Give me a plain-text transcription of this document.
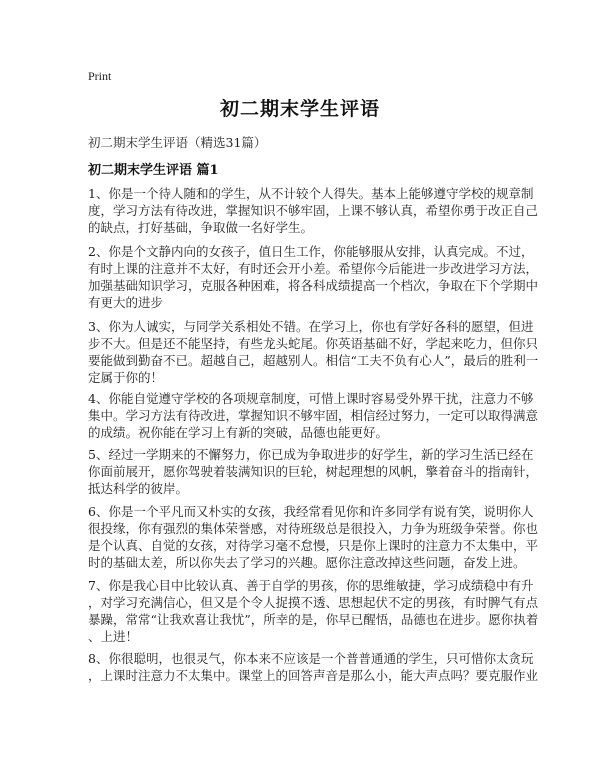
Print
初二期末学生评语
初二期末学生评语（精选31篇）
初二期末学生评语 篇1

1、你是一个待人随和的学生，从不计较个人得失。基本上能够遵守学校的规章制
度，学习方法有待改进，掌握知识不够牢固，上课不够认真，希望你勇于改正自己
的缺点，打好基础，争取做一名好学生。

2、你是个文静内向的女孩子，值日生工作，你能够服从安排，认真完成。不过，
有时上课的注意并不太好，有时还会开小差。希望你今后能进一步改进学习方法，
加强基础知识学习，克服各种困难，将各科成绩提高一个档次，争取在下个学期中
有更大的进步

3、你为人诚实，与同学关系相处不错。在学习上，你也有学好各科的愿望，但进
步不大。但是还不能坚持，有些龙头蛇尾。你英语基础不好，学起来吃力，但你只
要能做到勤奋不已。超越自己，超越别人。相信“工夫不负有心人”，最后的胜利一
定属于你的！

4、你能自觉遵守学校的各项规章制度，可惜上课时容易受外界干扰，注意力不够
集中。学习方法有待改进，掌握知识不够牢固，相信经过努力，一定可以取得满意
的成绩。祝你能在学习上有新的突破，品德也能更好。

5、经过一学期来的不懈努力，你已成为争取进步的好学生，新的学习生活已经在
你面前展开，愿你驾驶着装满知识的巨轮，树起理想的风帆，擎着奋斗的指南针，
抵达科学的彼岸。

6、你是一个平凡而又朴实的女孩，我经常看见你和许多同学有说有笑，说明你人
很投缘，你有强烈的集体荣誉感，对待班级总是很投入，力争为班级争荣誉。你也
是个认真、自觉的女孩，对待学习毫不怠慢，只是你上课时的注意力不太集中，平
时的基础太差，所以你失去了学习的兴趣。愿你注意改掉这些问题，奋发上进。

7、你是我心目中比较认真、善于自学的男孩，你的思维敏捷，学习成绩稳中有升
，对学习充满信心，但又是个令人捉摸不透、思想起伏不定的男孩，有时脾气有点
暴躁，常常“让我欢喜让我忧”，所幸的是，你早已醒悟，品德也在进步。愿你执着
、上进！

8、你很聪明，也很灵气，你本来不应该是一个普普通通的学生，只可惜你太贪玩
，上课时注意力不太集中。课堂上的回答声音是那么小，能大声点吗？要克服作业
